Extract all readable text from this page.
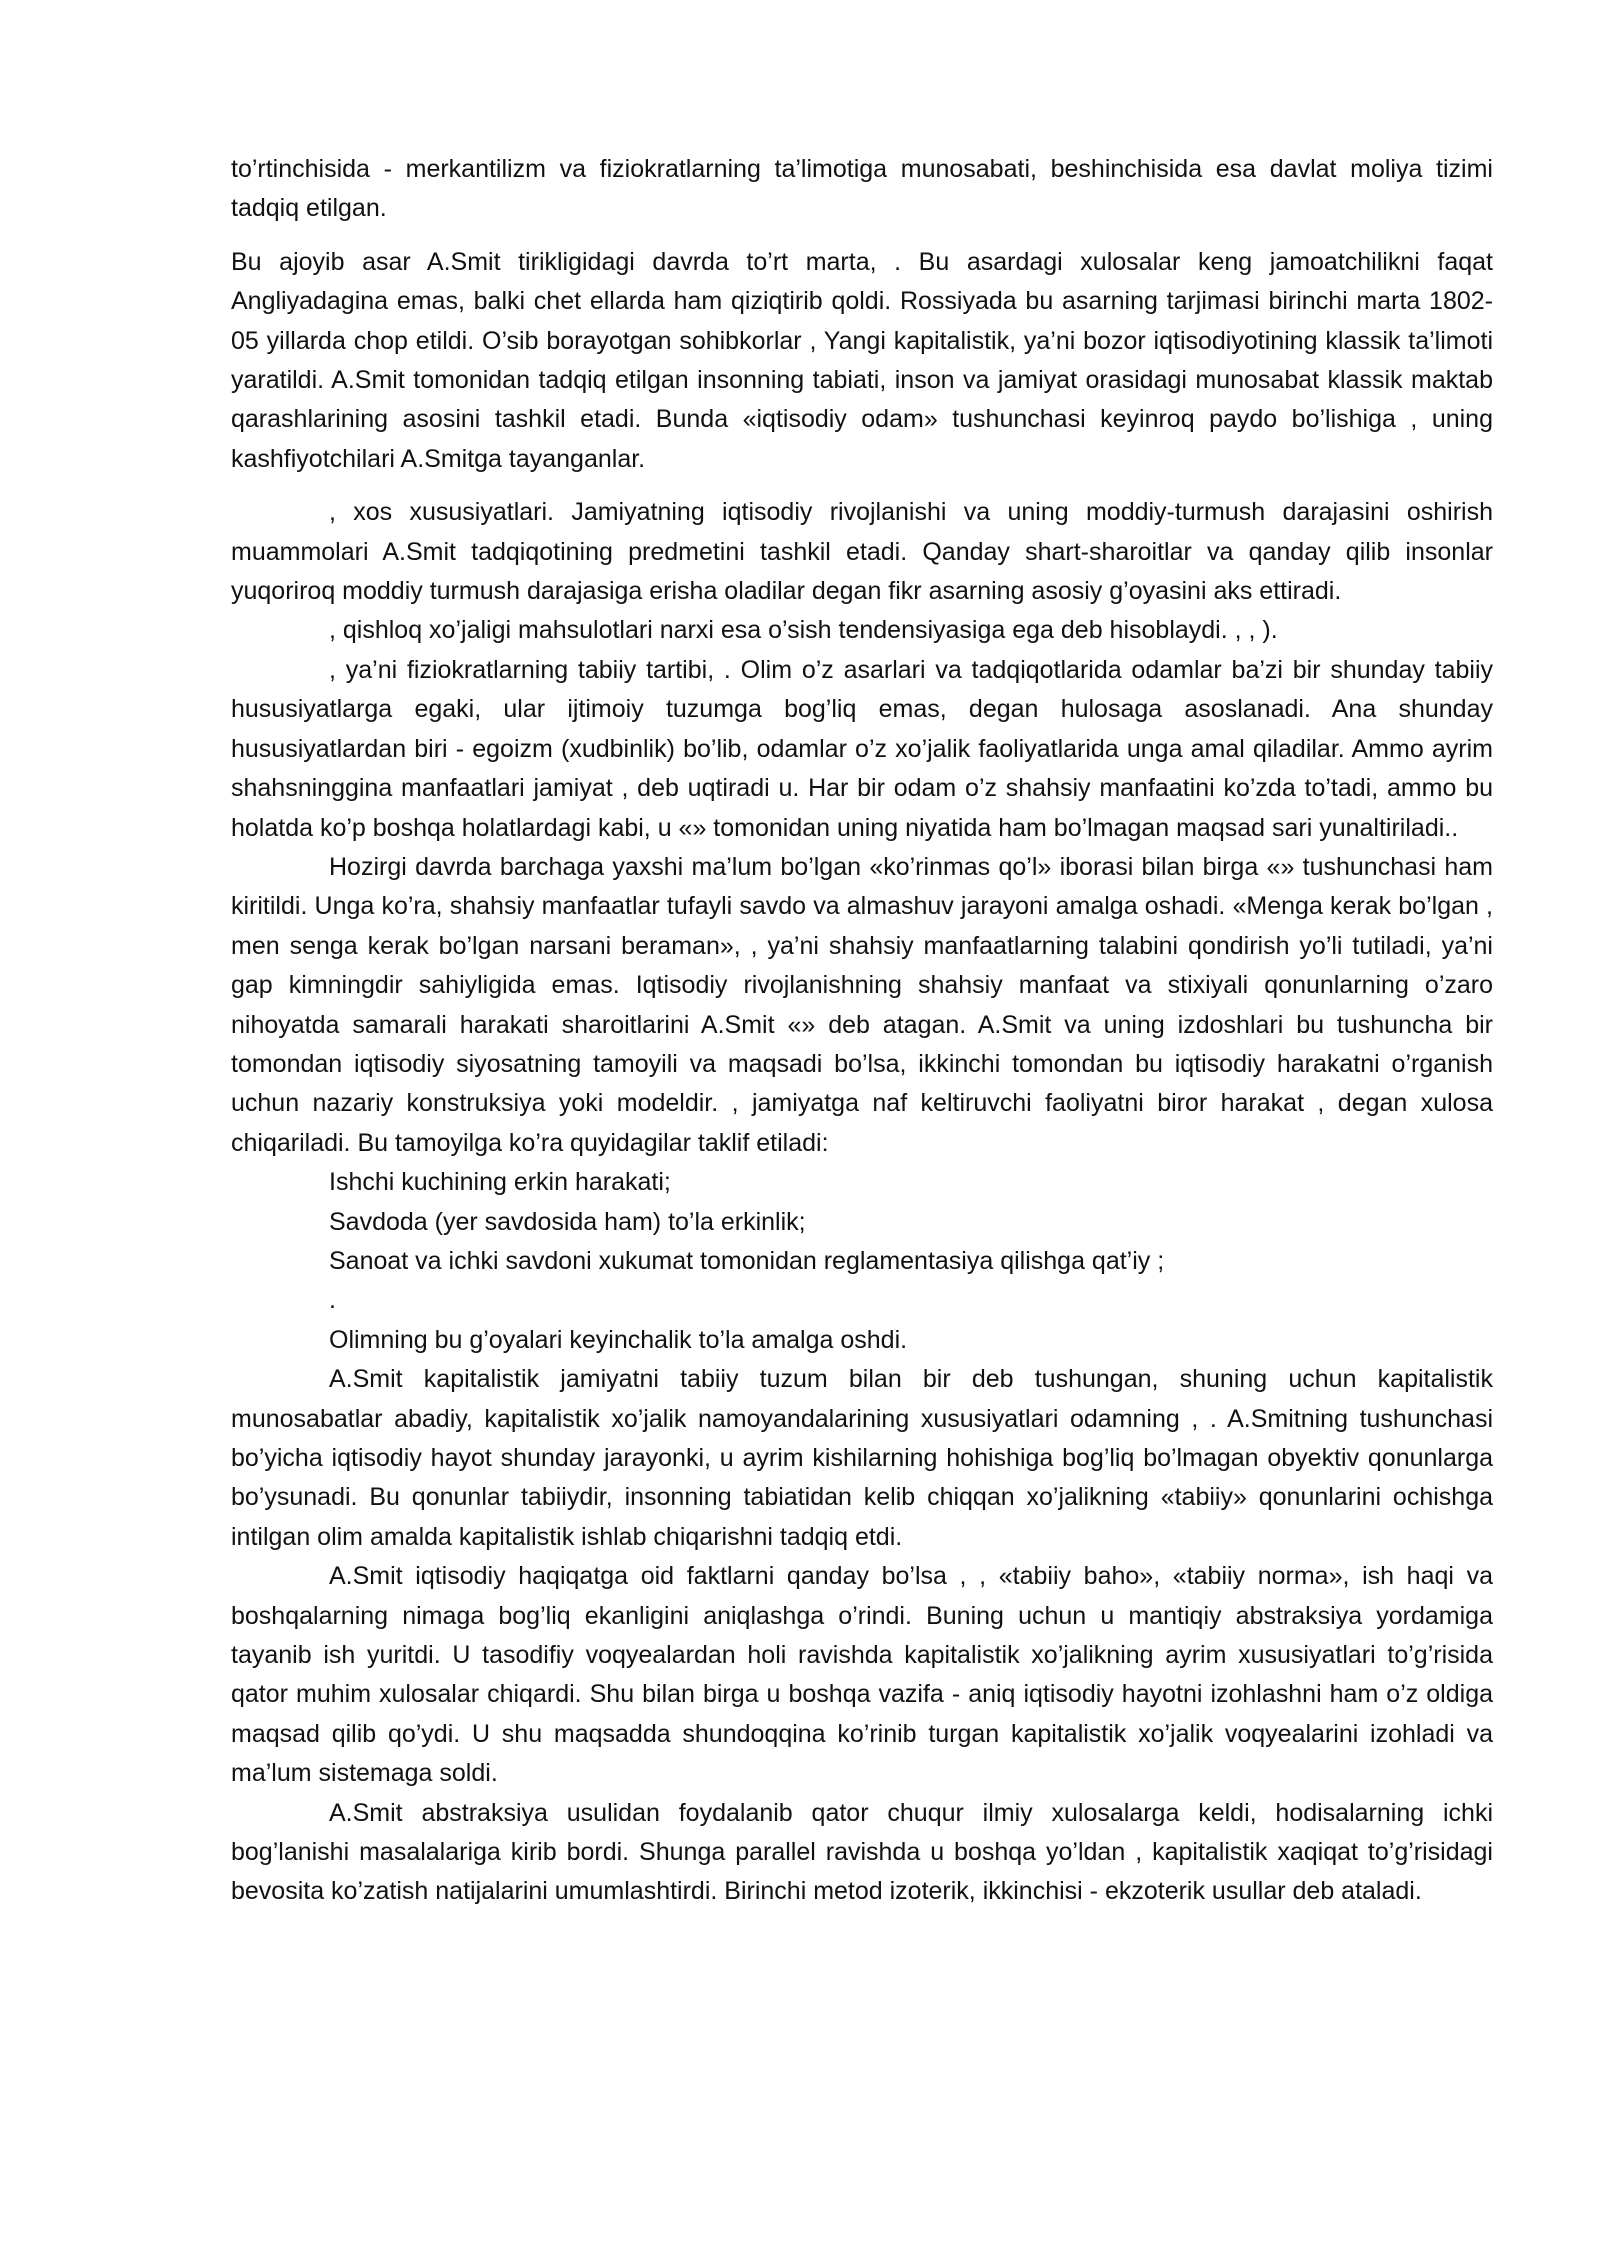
to’rtinchisida - merkantilizm va fiziokratlarning ta’limotiga munosabati, beshinchisida esa davlat moliya tizimi tadqiq etilgan.

Bu ajoyib asar A.Smit tirikligidagi davrda to’rt marta, . Bu asardagi xulosalar keng jamoatchilikni faqat Angliyadagina emas, balki chet ellarda ham qiziqtirib qoldi. Rossiyada bu asarning tarjimasi birinchi marta 1802-05 yillarda chop etildi. O’sib borayotgan sohibkorlar , Yangi kapitalistik, ya’ni bozor iqtisodiyotining klassik ta’limoti yaratildi. A.Smit tomonidan tadqiq etilgan insonning tabiati, inson va jamiyat orasidagi munosabat klassik maktab qarashlarining asosini tashkil etadi. Bunda «iqtisodiy odam» tushunchasi keyinroq paydo bo’lishiga , uning kashfiyotchilari A.Smitga tayanganlar.

, xos xususiyatlari. Jamiyatning iqtisodiy rivojlanishi va uning moddiy-turmush darajasini oshirish muammolari A.Smit tadqiqotining predmetini tashkil etadi. Qanday shart-sharoitlar va qanday qilib insonlar yuqoriroq moddiy turmush darajasiga erisha oladilar degan fikr asarning asosiy g’oyasini aks ettiradi.

, qishloq xo’jaligi mahsulotlari narxi esa o’sish tendensiyasiga ega deb hisoblaydi. , , ).

, ya’ni fiziokratlarning tabiiy tartibi, . Olim o’z asarlari va tadqiqotlarida odamlar ba’zi bir shunday tabiiy hususiyatlarga egaki, ular ijtimoiy tuzumga bog’liq emas, degan hulosaga asoslanadi. Ana shunday hususiyatlardan biri - egoizm (xudbinlik) bo’lib, odamlar o’z xo’jalik faoliyatlarida unga amal qiladilar. Ammo ayrim shahsninggina manfaatlari jamiyat , deb uqtiradi u. Har bir odam o’z shahsiy manfaatini ko’zda to’tadi, ammo bu holatda ko’p boshqa holatlardagi kabi, u «» tomonidan uning niyatida ham bo’lmagan maqsad sari yunaltiriladi..

Hozirgi davrda barchaga yaxshi ma’lum bo’lgan «ko’rinmas qo’l» iborasi bilan birga «» tushunchasi ham kiritildi. Unga ko’ra, shahsiy manfaatlar tufayli savdo va almashuv jarayoni amalga oshadi. «Menga kerak bo’lgan , men senga kerak bo’lgan narsani beraman», , ya’ni shahsiy manfaatlarning talabini qondirish yo’li tutiladi, ya’ni gap kimningdir sahiyligida emas. Iqtisodiy rivojlanishning shahsiy manfaat va stixiyali qonunlarning o’zaro nihoyatda samarali harakati sharoitlarini A.Smit «» deb atagan. A.Smit va uning izdoshlari bu tushuncha bir tomondan iqtisodiy siyosatning tamoyili va maqsadi bo’lsa, ikkinchi tomondan bu iqtisodiy harakatni o’rganish uchun nazariy konstruksiya yoki modeldir. , jamiyatga naf keltiruvchi faoliyatni biror harakat , degan xulosa chiqariladi. Bu tamoyilga ko’ra quyidagilar taklif etiladi:

Ishchi kuchining erkin harakati;

Savdoda (yer savdosida ham) to’la erkinlik;

Sanoat va ichki savdoni xukumat tomonidan reglamentasiya qilishga qat’iy ;

.

Olimning bu g’oyalari keyinchalik to’la amalga oshdi.

A.Smit kapitalistik jamiyatni tabiiy tuzum bilan bir deb tushungan, shuning uchun kapitalistik munosabatlar abadiy, kapitalistik xo’jalik namoyandalarining xususiyatlari odamning , . A.Smitning tushunchasi bo’yicha iqtisodiy hayot shunday jarayonki, u ayrim kishilarning hohishiga bog’liq bo’lmagan obyektiv qonunlarga bo’ysunadi. Bu qonunlar tabiiydir, insonning tabiatidan kelib chiqqan xo’jalikning «tabiiy» qonunlarini ochishga intilgan olim amalda kapitalistik ishlab chiqarishni tadqiq etdi.

A.Smit iqtisodiy haqiqatga oid faktlarni qanday bo’lsa , , «tabiiy baho», «tabiiy norma», ish haqi va boshqalarning nimaga bog’liq ekanligini aniqlashga o’rindi. Buning uchun u mantiqiy abstraksiya yordamiga tayanib ish yuritdi. U tasodifiy voqyealardan holi ravishda kapitalistik xo’jalikning ayrim xususiyatlari to’g’risida qator muhim xulosalar chiqardi. Shu bilan birga u boshqa vazifa - aniq iqtisodiy hayotni izohlashni ham o’z oldiga maqsad qilib qo’ydi. U shu maqsadda shundoqqina ko’rinib turgan kapitalistik xo’jalik voqyealarini izohladi va ma’lum sistemaga soldi.

A.Smit abstraksiya usulidan foydalanib qator chuqur ilmiy xulosalarga keldi, hodisalarning ichki bog’lanishi masalalariga kirib bordi. Shunga parallel ravishda u boshqa yo’ldan , kapitalistik xaqiqat to’g’risidagi bevosita ko’zatish natijalarini umumlashtirdi. Birinchi metod izoterik, ikkinchisi - ekzoterik usullar deb ataladi.
